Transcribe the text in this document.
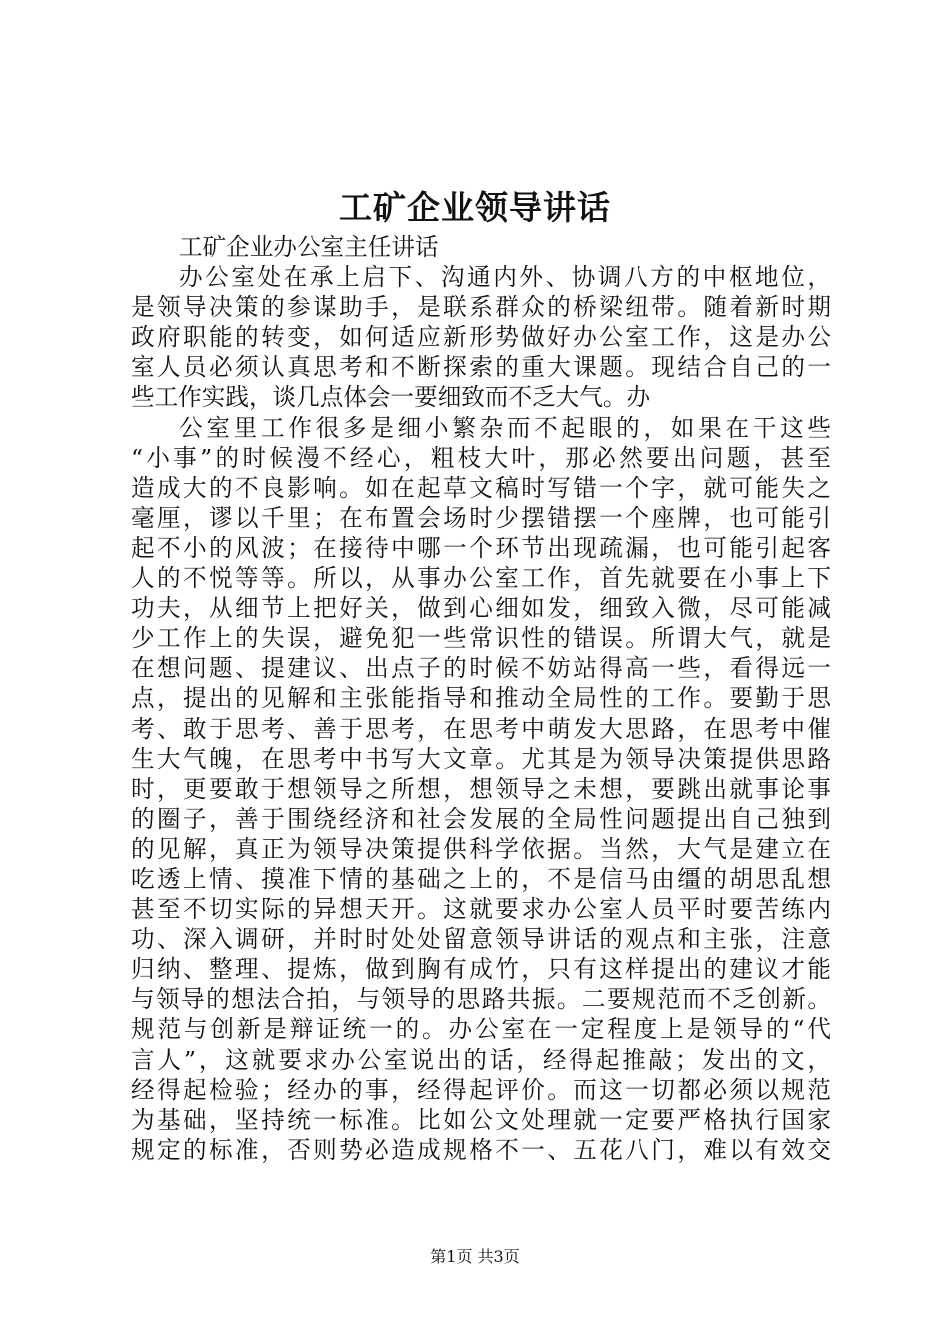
工矿企业领导讲话
工矿企业办公室主任讲话
办公室处在承上启下、沟通内外、协调八方的中枢地位，
是领导决策的参谋助手，是联系群众的桥梁纽带。随着新时期
政府职能的转变，如何适应新形势做好办公室工作，这是办公
室人员必须认真思考和不断探索的重大课题。现结合自己的一
些工作实践，谈几点体会一要细致而不乏大气。办
公室里工作很多是细小繁杂而不起眼的，如果在干这些
“小事”的时候漫不经心，粗枝大叶，那必然要出问题，甚至
造成大的不良影响。如在起草文稿时写错一个字，就可能失之
毫厘，谬以千里；在布置会场时少摆错摆一个座牌，也可能引
起不小的风波；在接待中哪一个环节出现疏漏，也可能引起客
人的不悦等等。所以，从事办公室工作，首先就要在小事上下
功夫，从细节上把好关，做到心细如发，细致入微，尽可能减
少工作上的失误，避免犯一些常识性的错误。所谓大气，就是
在想问题、提建议、出点子的时候不妨站得高一些，看得远一
点，提出的见解和主张能指导和推动全局性的工作。要勤于思
考、敢于思考、善于思考，在思考中萌发大思路，在思考中催
生大气魄，在思考中书写大文章。尤其是为领导决策提供思路
时，更要敢于想领导之所想，想领导之未想，要跳出就事论事
的圈子，善于围绕经济和社会发展的全局性问题提出自己独到
的见解，真正为领导决策提供科学依据。当然，大气是建立在
吃透上情、摸准下情的基础之上的，不是信马由缰的胡思乱想
甚至不切实际的异想天开。这就要求办公室人员平时要苦练内
功、深入调研，并时时处处留意领导讲话的观点和主张，注意
归纳、整理、提炼，做到胸有成竹，只有这样提出的建议才能
与领导的想法合拍，与领导的思路共振。二要规范而不乏创新。
规范与创新是辩证统一的。办公室在一定程度上是领导的“代
言人”，这就要求办公室说出的话，经得起推敲；发出的文，
经得起检验；经办的事，经得起评价。而这一切都必须以规范
为基础，坚持统一标准。比如公文处理就一定要严格执行国家
规定的标准，否则势必造成规格不一、五花八门，难以有效交
第1页 共3页
